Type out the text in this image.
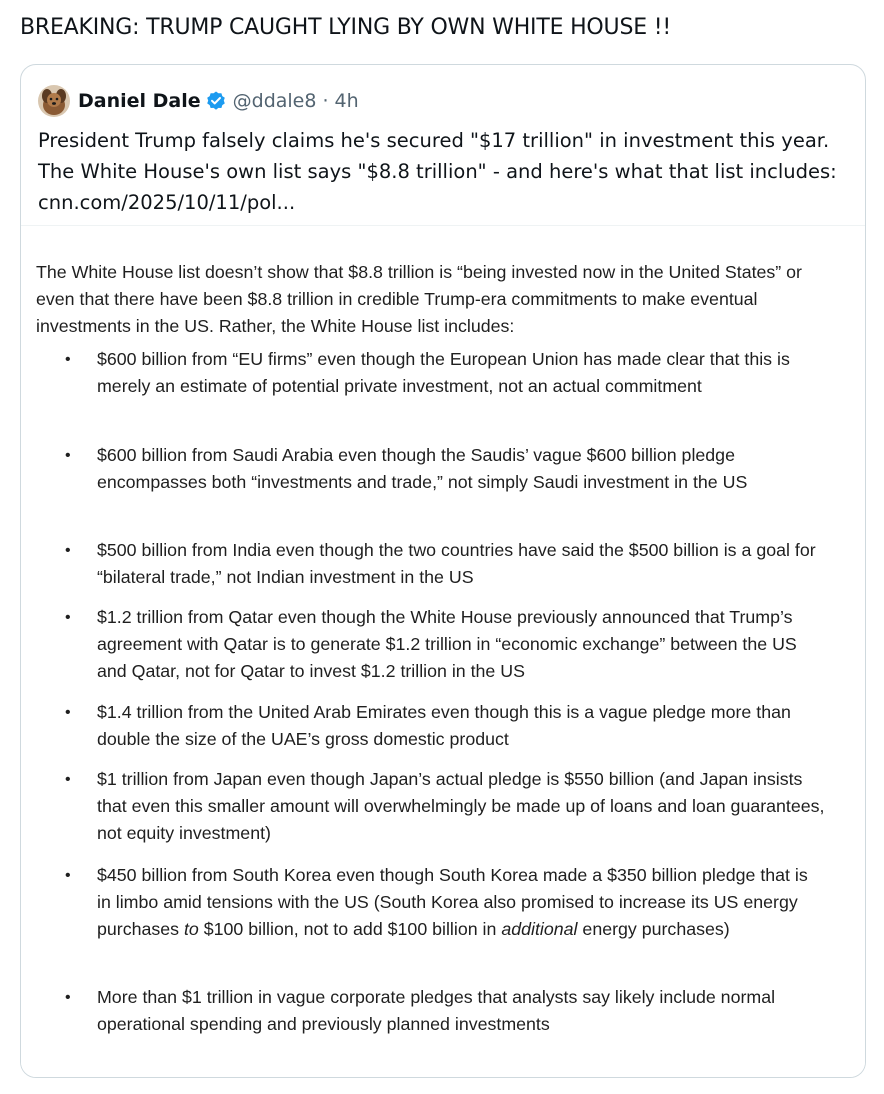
BREAKING: TRUMP CAUGHT LYING BY OWN WHITE HOUSE !!
Daniel Dale @ddale8 · 4h

President Trump falsely claims he's secured "$17 trillion" in investment this year. The White House's own list says "$8.8 trillion" - and here's what that list includes: cnn.com/2025/10/11/pol...

The White House list doesn’t show that $8.8 trillion is “being invested now in the United States” or even that there have been $8.8 trillion in credible Trump-era commitments to make eventual investments in the US. Rather, the White House list includes:

•	$600 billion from “EU firms” even though the European Union has made clear that this is merely an estimate of potential private investment, not an actual commitment

•	$600 billion from Saudi Arabia even though the Saudis’ vague $600 billion pledge encompasses both “investments and trade,” not simply Saudi investment in the US

•	$500 billion from India even though the two countries have said the $500 billion is a goal for “bilateral trade,” not Indian investment in the US

•	$1.2 trillion from Qatar even though the White House previously announced that Trump’s agreement with Qatar is to generate $1.2 trillion in “economic exchange” between the US and Qatar, not for Qatar to invest $1.2 trillion in the US

•	$1.4 trillion from the United Arab Emirates even though this is a vague pledge more than double the size of the UAE’s gross domestic product

•	$1 trillion from Japan even though Japan’s actual pledge is $550 billion (and Japan insists that even this smaller amount will overwhelmingly be made up of loans and loan guarantees, not equity investment)

•	$450 billion from South Korea even though South Korea made a $350 billion pledge that is in limbo amid tensions with the US (South Korea also promised to increase its US energy purchases to $100 billion, not to add $100 billion in additional energy purchases)

•	More than $1 trillion in vague corporate pledges that analysts say likely include normal operational spending and previously planned investments
